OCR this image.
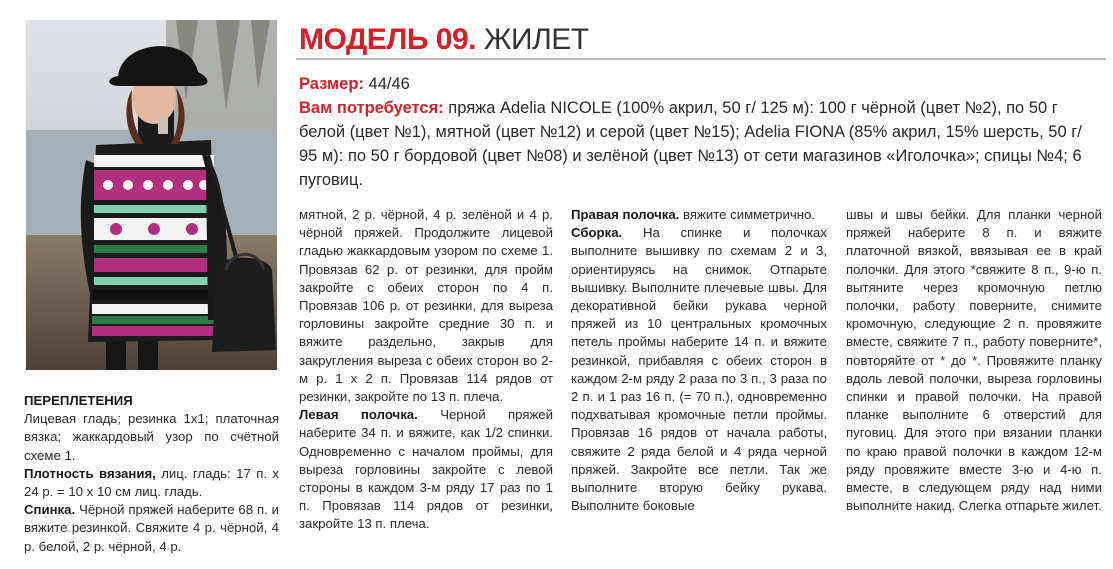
МОДЕЛЬ 09. ЖИЛЕТ
Размер: 44/46
Вам потребуется: пряжа Adelia NICOLE (100% акрил, 50 г/ 125 м): 100 г чёрной (цвет №2), по 50 г белой (цвет №1), мятной (цвет №12) и серой (цвет №15); Adelia FIONA (85% акрил, 15% шерсть, 50 г/ 95 м): по 50 г бордовой (цвет №08) и зелёной (цвет №13) от сети магазинов «Иголочка»; спицы №4; 6 пуговиц.

ПЕРЕПЛЕТЕНИЯ

Лицевая гладь; резинка 1х1; платочная вязка; жаккардовый узор по счётной схеме 1.

Плотность вязания, лиц. гладь: 17 п. х 24 р. = 10 х 10 см лиц. гладь.

Спинка. Чёрной пряжей наберите 68 п. и вяжите резинкой. Свяжите 4 р. чёрной, 4 р. белой, 2 р. чёрной, 4 р.

мятной, 2 р. чёрной, 4 р. зелёной и 4 р. чёрной пряжей. Продолжите лицевой гладью жаккардовым узором по схеме 1. Провязав 62 р. от резинки, для пройм закройте с обеих сторон по 4 п. Провязав 106 р. от резинки, для выреза горловины закройте средние 30 п. и вяжите раздельно, закрыв для закругления выреза с обеих сторон во 2-м р. 1 х 2 п. Провязав 114 рядов от резинки, закройте по 13 п. плеча.

Левая полочка. Черной пряжей наберите 34 п. и вяжите, как 1/2 спинки. Одновременно с началом проймы, для выреза горловины закройте с левой стороны в каждом 3-м ряду 17 раз по 1 п. Провязав 114 рядов от резинки, закройте 13 п. плеча.

Правая полочка. вяжите симметрично.

Сборка. На спинке и полочках выполните вышивку по схемам 2 и 3, ориентируясь на снимок. Отпарьте вышивку. Выполните плечевые швы. Для декоративной бейки рукава черной пряжей из 10 центральных кромочных петель проймы наберите 14 п. и вяжите резинкой, прибавляя с обеих сторон в каждом 2-м ряду 2 раза по 3 п., 3 раза по 2 п. и 1 раз 16 п. (= 70 п.), одновременно подхватывая кромочные петли проймы. Провязав 16 рядов от начала работы, свяжите 2 ряда белой и 4 ряда черной пряжей. Закройте все петли. Так же выполните вторую бейку рукава. Выполните боковые

швы и швы бейки. Для планки черной пряжей наберите 8 п. и вяжите платочной вязкой, ввязывая ее в край полочки. Для этого *свяжите 8 п., 9-ю п. вытяните через кромочную петлю полочки, работу поверните, снимите кромочную, следующие 2 п. провяжите вместе, свяжите 7 п., работу поверните*, повторяйте от * до *. Провяжите планку вдоль левой полочки, выреза горловины спинки и правой полочки. На правой планке выполните 6 отверстий для пуговиц. Для этого при вязании планки по краю правой полочки в каждом 12-м ряду провяжите вместе 3-ю и 4-ю п. вместе, в следующем ряду над ними выполните накид. Слегка отпарьте жилет.
